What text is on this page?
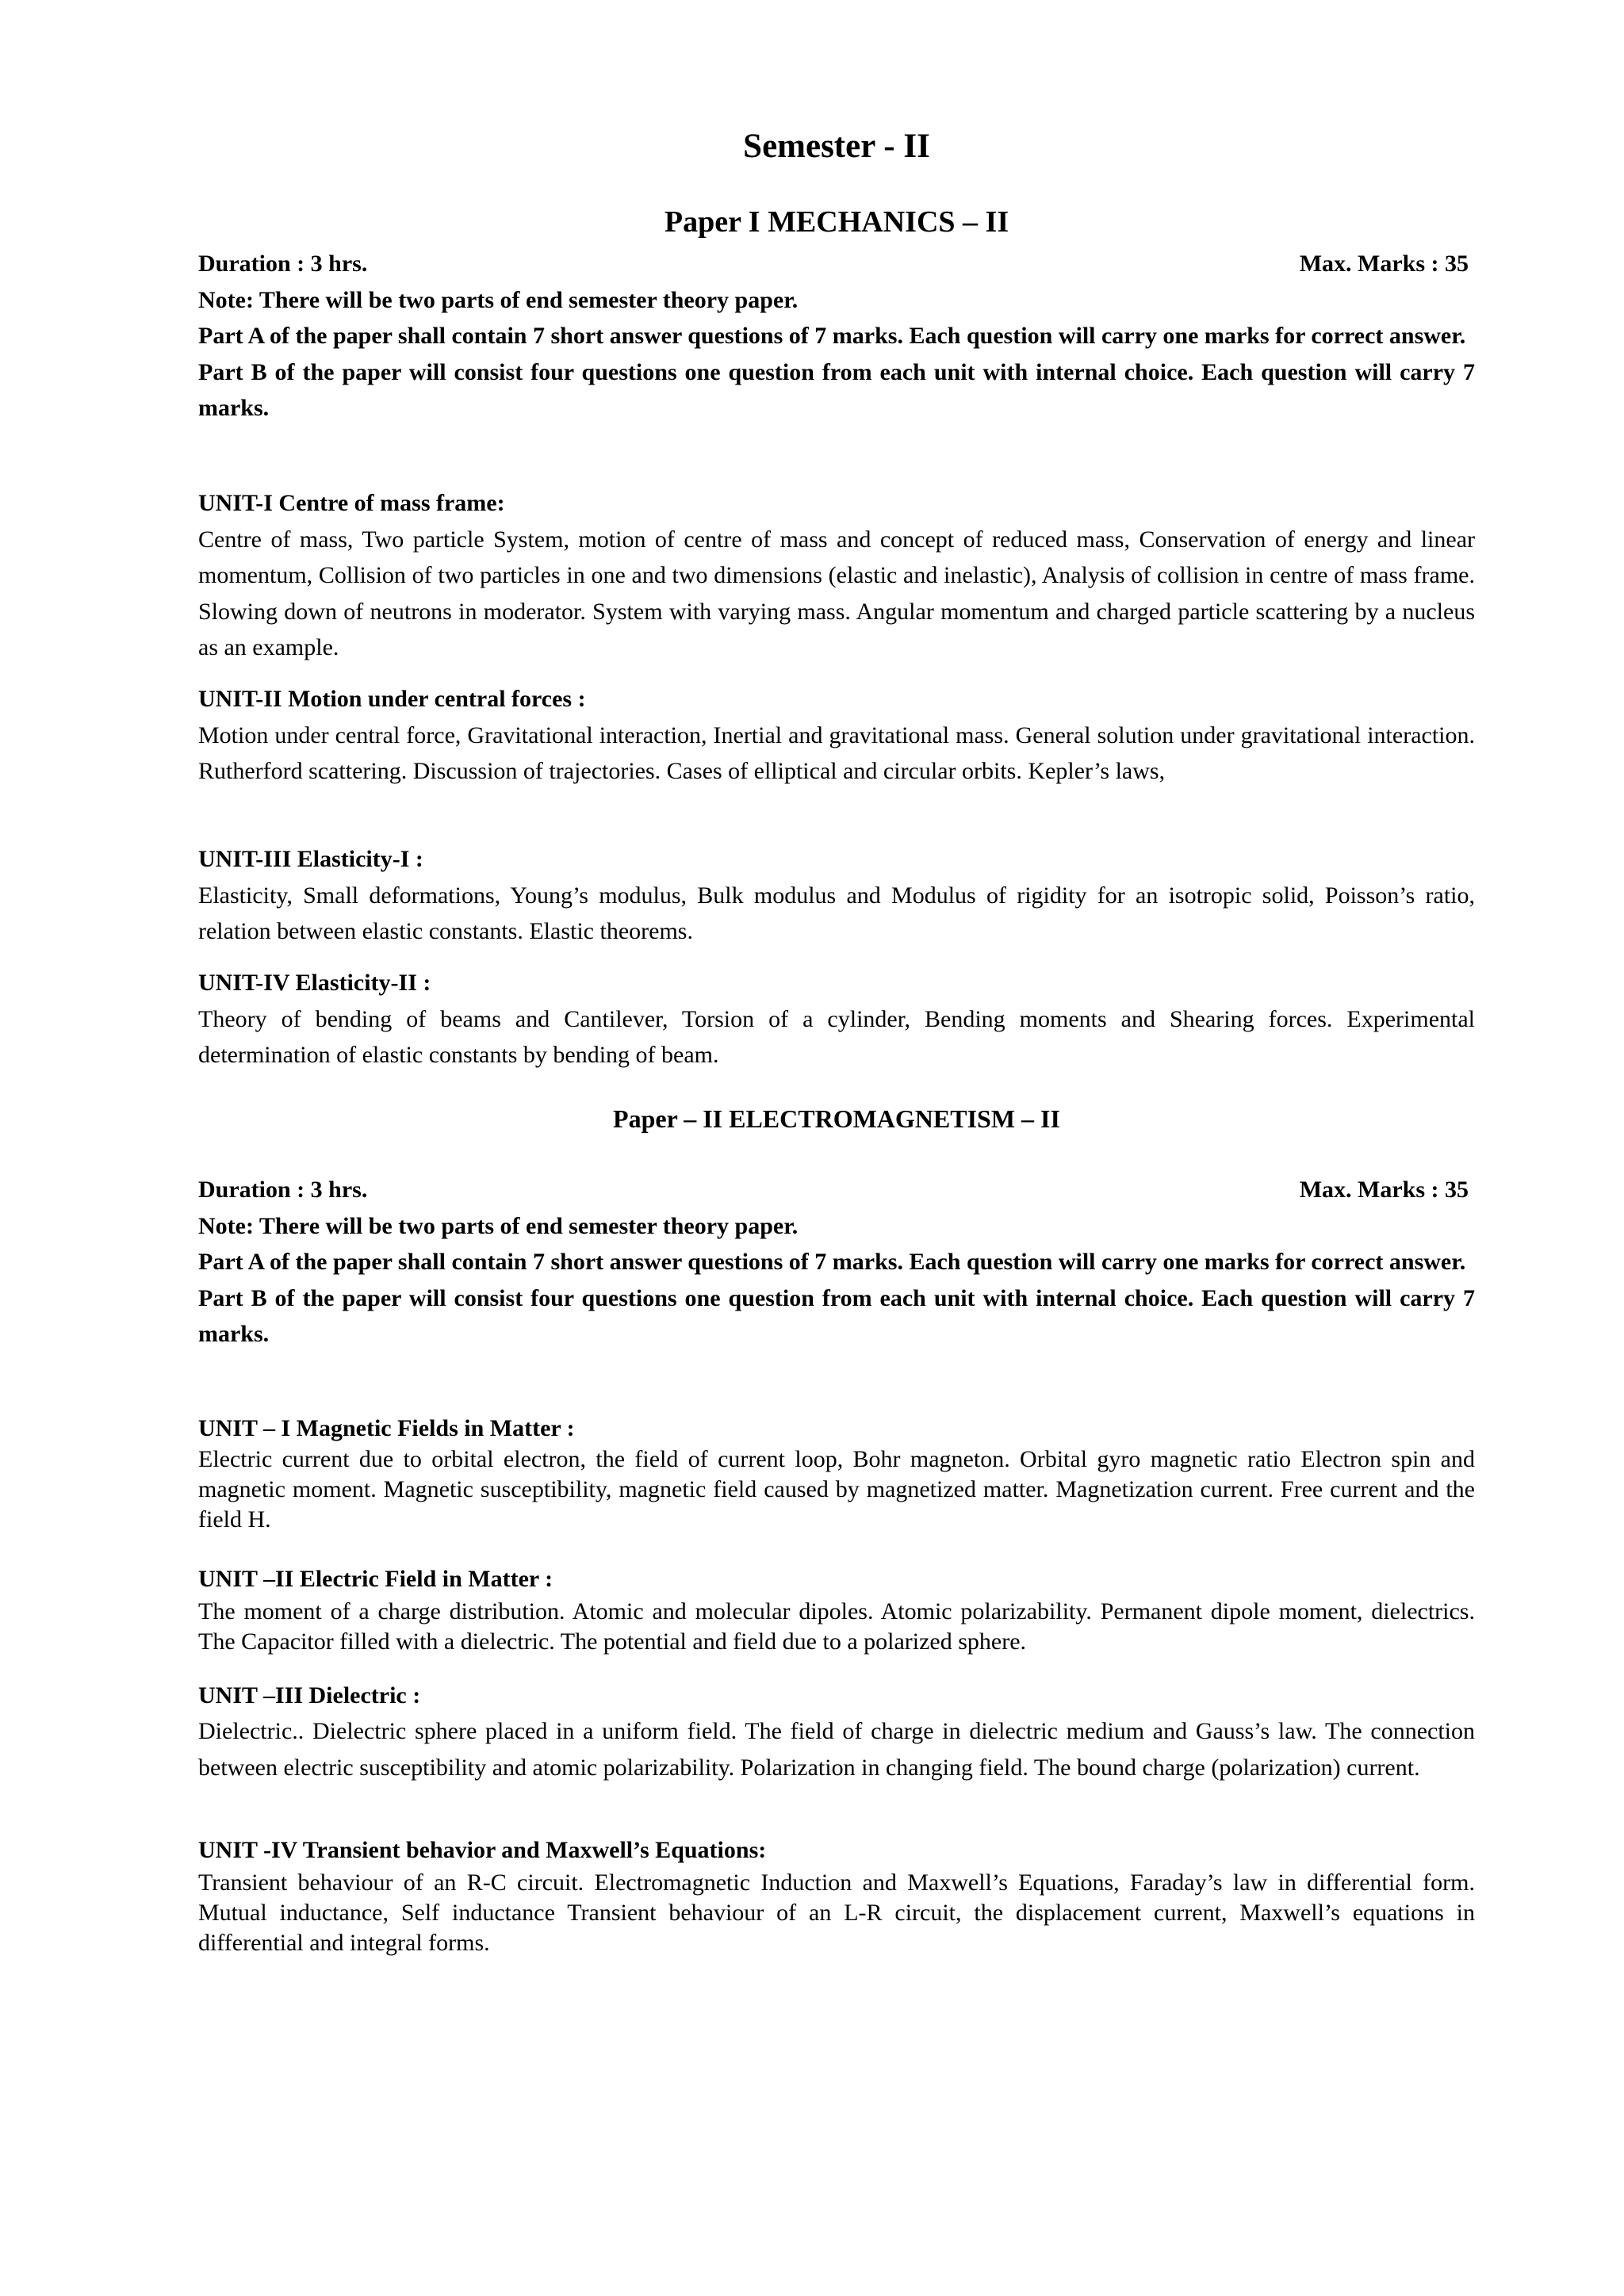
Semester - II
Paper I MECHANICS – II
Duration : 3 hrs.	Max. Marks : 35

Note: There will be two parts of end semester theory paper.

Part A of the paper shall contain 7 short answer questions of 7 marks. Each question will carry one marks for correct answer.

Part B of the paper will consist four questions one question from each unit with internal choice. Each question will carry 7 marks.

UNIT-I Centre of mass frame:

Centre of mass, Two particle System, motion of centre of mass and concept of reduced mass, Conservation of energy and linear momentum, Collision of two particles in one and two dimensions (elastic and inelastic), Analysis of collision in centre of mass frame. Slowing down of neutrons in moderator. System with varying mass. Angular momentum and charged particle scattering by a nucleus as an example.

UNIT-II Motion under central forces :

Motion under central force, Gravitational interaction, Inertial and gravitational mass. General solution under gravitational interaction. Rutherford scattering. Discussion of trajectories. Cases of elliptical and circular orbits. Kepler’s laws,

UNIT-III Elasticity-I :

Elasticity, Small deformations, Young’s modulus, Bulk modulus and Modulus of rigidity for an isotropic solid, Poisson’s ratio, relation between elastic constants. Elastic theorems.

UNIT-IV Elasticity-II :

Theory of bending of beams and Cantilever, Torsion of a cylinder, Bending moments and Shearing forces. Experimental determination of elastic constants by bending of beam.

Paper – II ELECTROMAGNETISM – II
Duration : 3 hrs.	Max. Marks : 35

Note: There will be two parts of end semester theory paper.

Part A of the paper shall contain 7 short answer questions of 7 marks. Each question will carry one marks for correct answer.

Part B of the paper will consist four questions one question from each unit with internal choice. Each question will carry 7 marks.

UNIT – I Magnetic Fields in Matter :

Electric current due to orbital electron, the field of current loop, Bohr magneton. Orbital gyro magnetic ratio Electron spin and magnetic moment. Magnetic susceptibility, magnetic field caused by magnetized matter. Magnetization current. Free current and the field H.

UNIT –II Electric Field in Matter :

The moment of a charge distribution. Atomic and molecular dipoles. Atomic polarizability. Permanent dipole moment, dielectrics. The Capacitor filled with a dielectric. The potential and field due to a polarized sphere.

UNIT –III Dielectric :

Dielectric.. Dielectric sphere placed in a uniform field. The field of charge in dielectric medium and Gauss’s law. The connection between electric susceptibility and atomic polarizability. Polarization in changing field. The bound charge (polarization) current.

UNIT -IV Transient behavior and Maxwell’s Equations:

Transient behaviour of an R-C circuit. Electromagnetic Induction and Maxwell’s Equations, Faraday’s law in differential form. Mutual inductance, Self inductance Transient behaviour of an L-R circuit, the displacement current, Maxwell’s equations in differential and integral forms.
